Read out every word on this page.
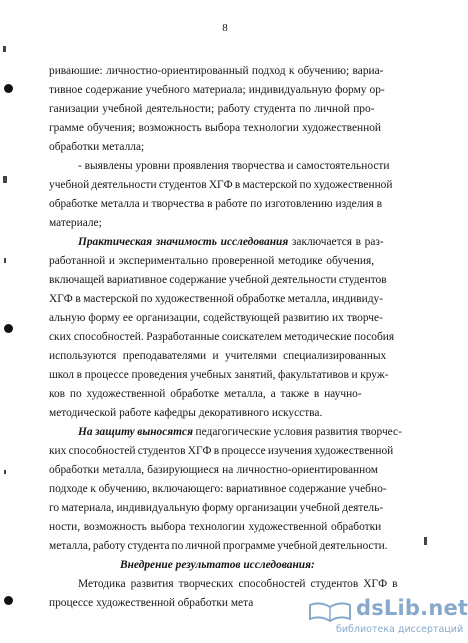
8
риваюшие: личностно-ориентированный подход к обучению; вариа-
тивное содержание учебного материала; индивидуальную форму ор-
ганизации учебной деятельности; работу студента по личной про-
грамме обучения; возможность выбора технологии художественной
обработки металла;
- выявлены уровни проявления творчества и самостоятельности
учебной деятельности студентов ХГФ в мастерской по художественной
обработке металла и творчества в работе по изготовлению изделия в
материале;
Практическая значимость исследования заключается в раз-
работанной и экспериментально проверенной методике обучения,
включащей вариативное содержание учебной деятельности студентов
ХГФ в мастерской по художественной обработке металла, индивиду-
альную форму ее организации, содействующей развитию их творче-
ских способностей. Разработанные соискателем методические пособия
используются преподавателями и учителями специализированных
школ в процессе проведения учебных занятий, факультативов и круж-
ков по художественной обработке металла, а также в научно-
методической работе кафедры декоративного искусства.
На защиту выносятся педагогические условия развития творчес-
ких способностей студентов ХГФ в процессе изучения художественной
обработки металла, базирующиеся на личностно-ориентированном
подходе к обучению, включающего: вариативное содержание учебно-
го материала, индивидуальную форму организации учебной деятель-
ности, возможность выбора технологии художественной обработки
металла, работу студента по личной программе учебной деятельности.
Внедрение результатов исследования:
Методика развития творческих способностей студентов ХГФ в
процессе художественной обработки мета	dsLib.net
библиотека диссертаций
